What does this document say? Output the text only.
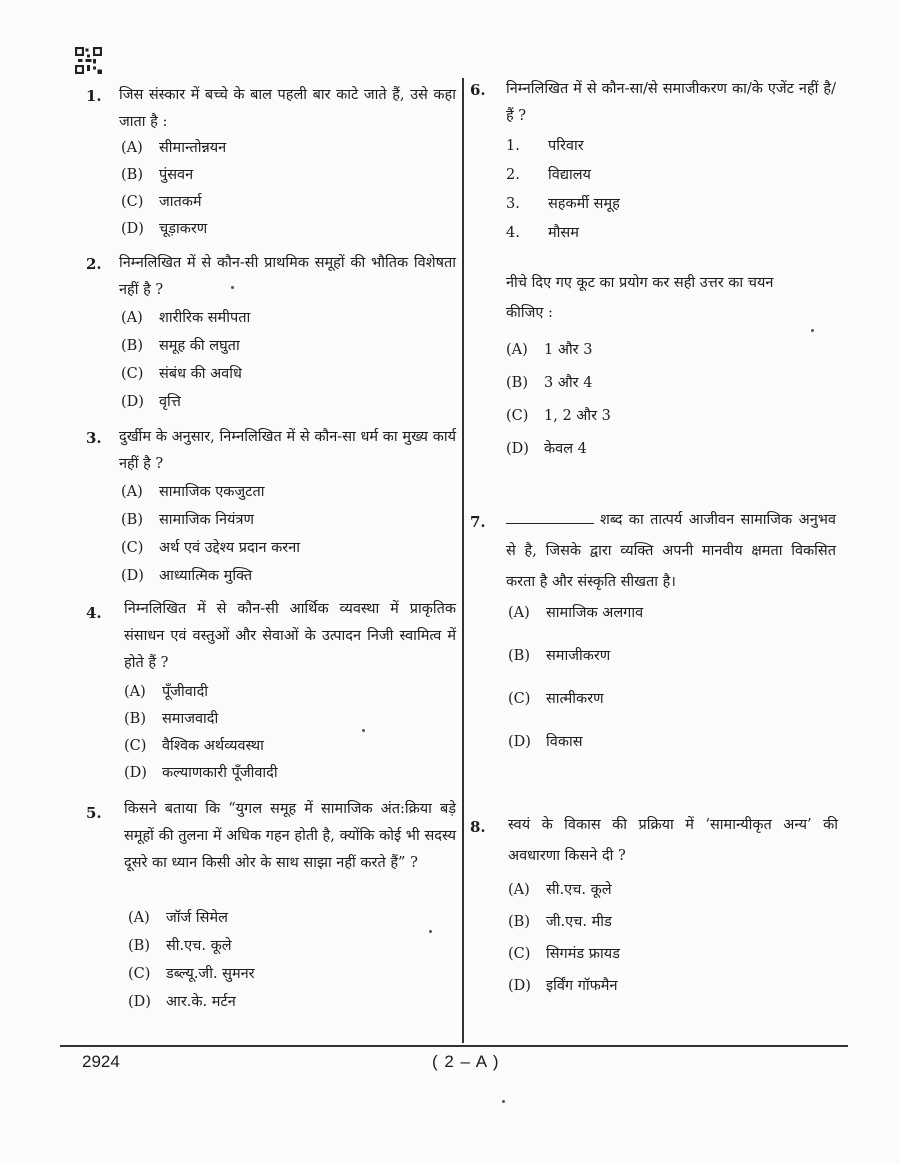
1. जिस संस्कार में बच्चे के बाल पहली बार काटे जाते हैं, उसे कहा जाता है :
(A) सीमान्तोन्नयन
(B) पुंसवन
(C) जातकर्म
(D) चूड़ाकरण
2. निम्नलिखित में से कौन-सी प्राथमिक समूहों की भौतिक विशेषता नहीं है ?
(A) शारीरिक समीपता
(B) समूह की लघुता
(C) संबंध की अवधि
(D) वृत्ति
3. दुर्खीम के अनुसार, निम्नलिखित में से कौन-सा धर्म का मुख्य कार्य नहीं है ?
(A) सामाजिक एकजुटता
(B) सामाजिक नियंत्रण
(C) अर्थ एवं उद्देश्य प्रदान करना
(D) आध्यात्मिक मुक्ति
4. निम्नलिखित में से कौन-सी आर्थिक व्यवस्था में प्राकृतिक संसाधन एवं वस्तुओं और सेवाओं के उत्पादन निजी स्वामित्व में होते हैं ?
(A) पूँजीवादी
(B) समाजवादी
(C) वैश्विक अर्थव्यवस्था
(D) कल्याणकारी पूँजीवादी
5. किसने बताया कि “युगल समूह में सामाजिक अंत:क्रिया बड़े समूहों की तुलना में अधिक गहन होती है, क्योंकि कोई भी सदस्य दूसरे का ध्यान किसी ओर के साथ साझा नहीं करते हैं” ?
(A) जॉर्ज सिमेल
(B) सी.एच. कूले
(C) डब्ल्यू.जी. सुमनर
(D) आर.के. मर्टन
6. निम्नलिखित में से कौन-सा/से समाजीकरण का/के एजेंट नहीं है/हैं ?
1. परिवार
2. विद्यालय
3. सहकर्मी समूह
4. मौसम
नीचे दिए गए कूट का प्रयोग कर सही उत्तर का चयन कीजिए :
(A) 1 और 3
(B) 3 और 4
(C) 1, 2 और 3
(D) केवल 4
7.	शब्द का तात्पर्य आजीवन सामाजिक अनुभव से है, जिसके द्वारा व्यक्ति अपनी मानवीय क्षमता विकसित करता है और संस्कृति सीखता है।
(A) सामाजिक अलगाव
(B) समाजीकरण
(C) सात्मीकरण
(D) विकास
8. स्वयं के विकास की प्रक्रिया में ‘सामान्यीकृत अन्य’ की अवधारणा किसने दी ?
(A) सी.एच. कूले
(B) जी.एच. मीड
(C) सिगमंड फ्रायड
(D) इर्विंग गॉफमैन
2924	( 2 – A )
